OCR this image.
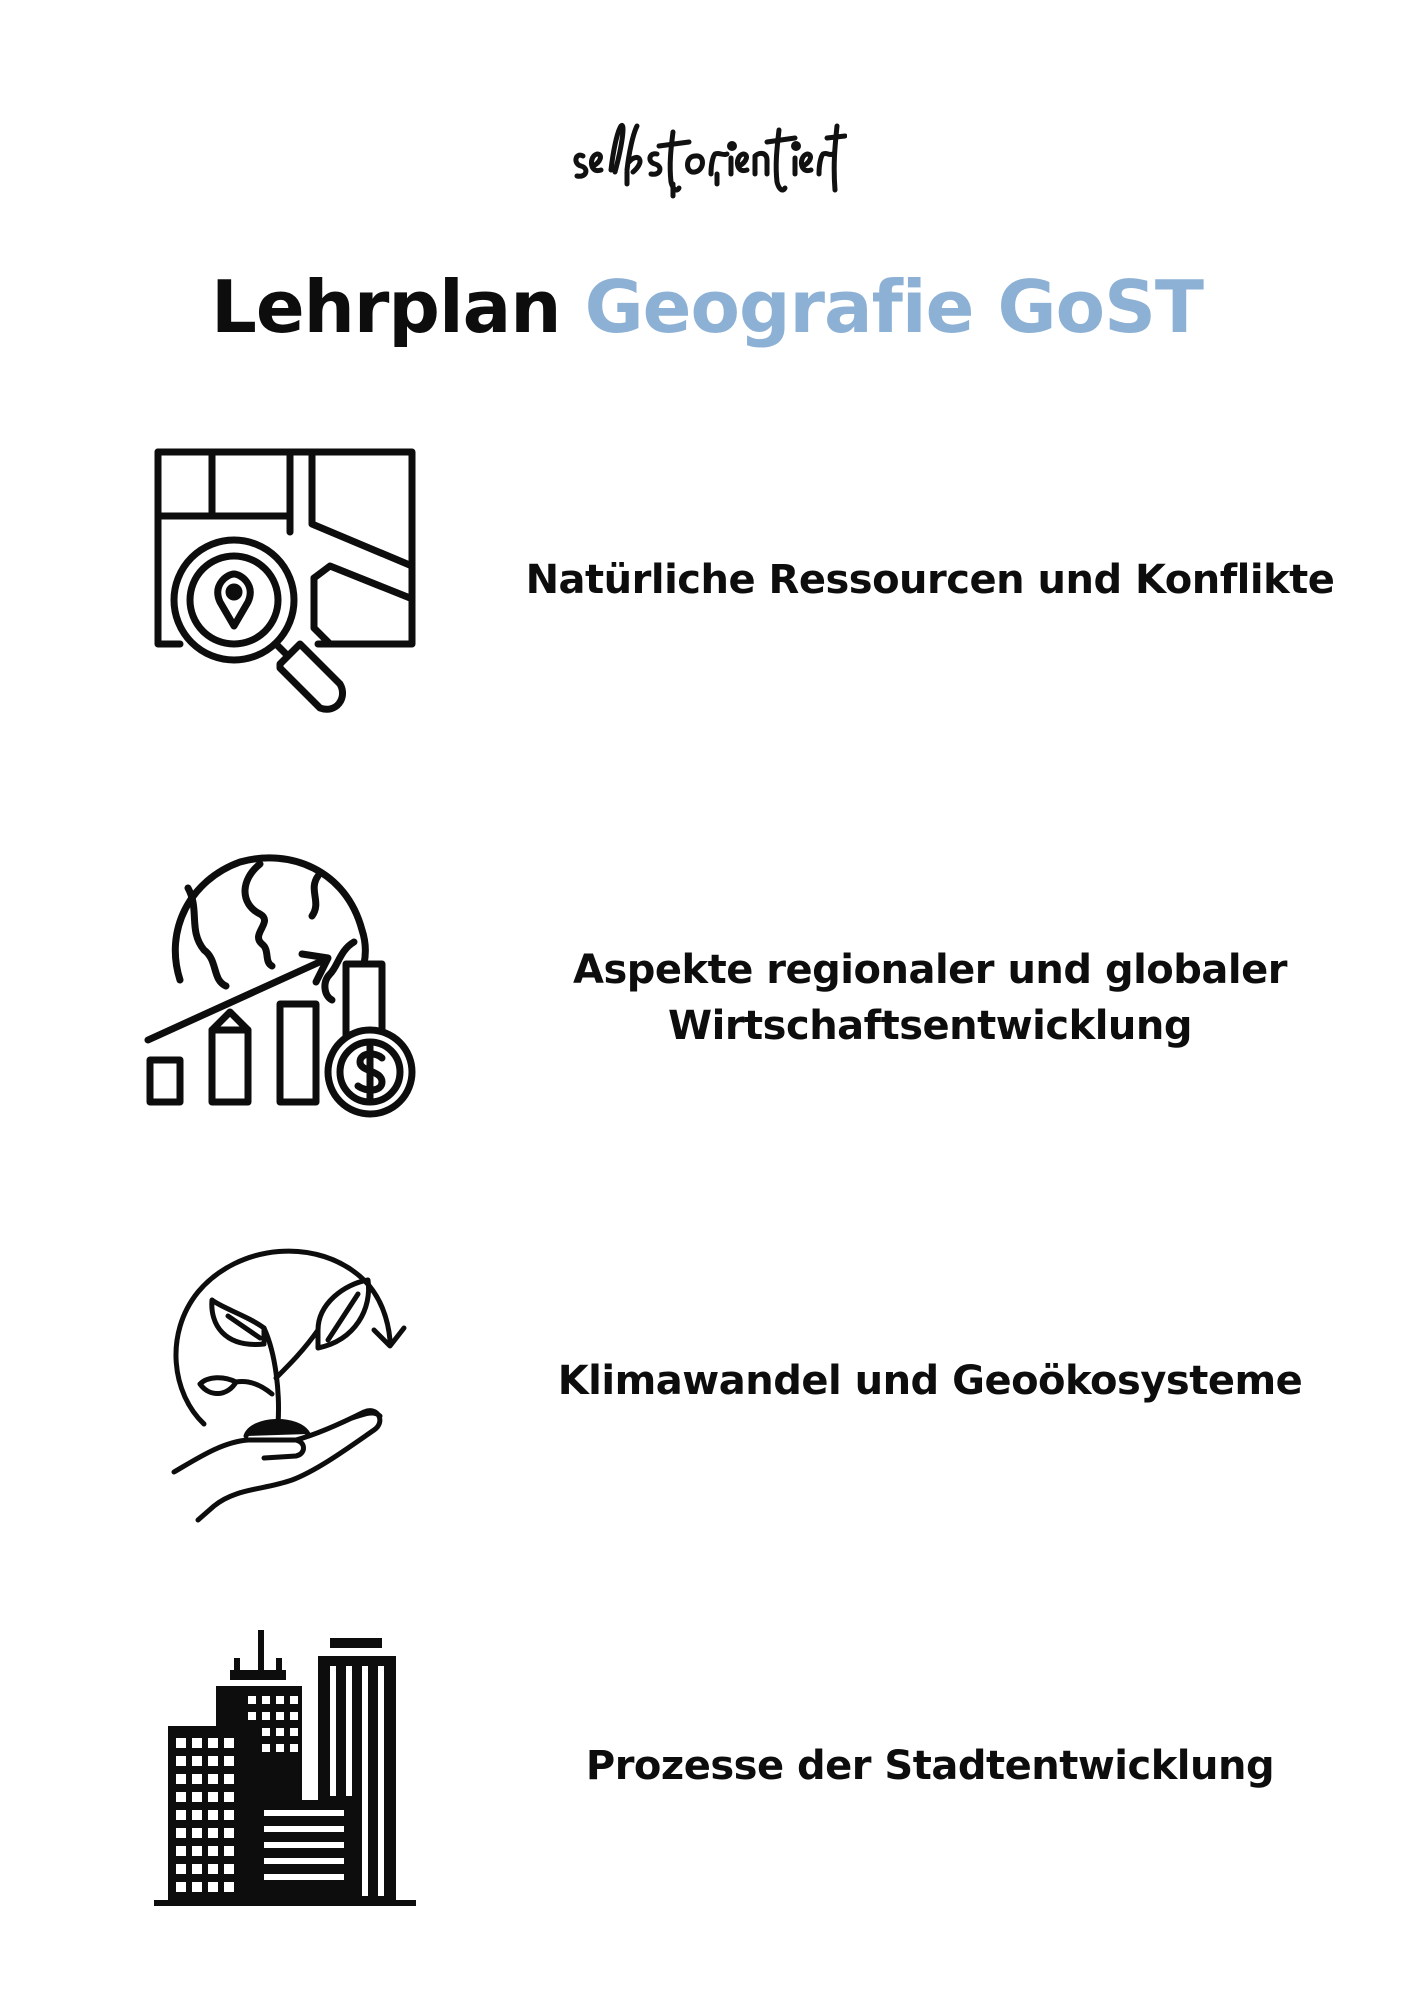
Lehrplan Geografie GoST
Natürliche Ressourcen und Konflikte
Aspekte regionaler und globaler
Wirtschaftsentwicklung
Klimawandel und Geoökosysteme
Prozesse der Stadtentwicklung
